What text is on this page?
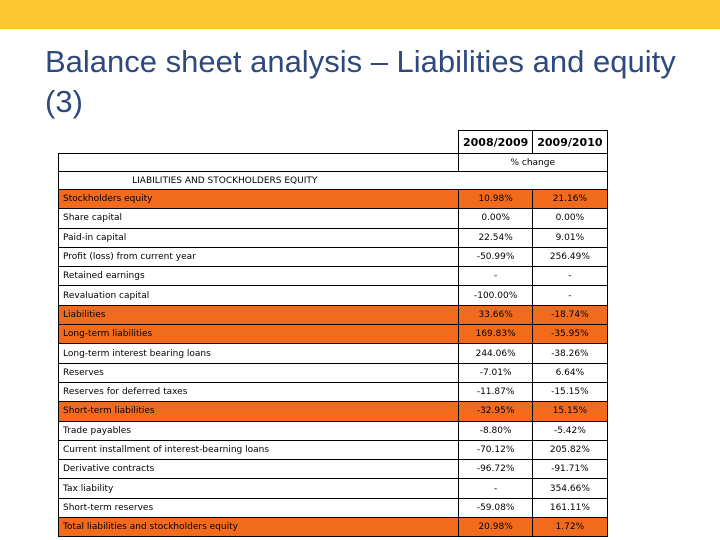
Balance sheet analysis – Liabilities and equity (3)
	2008/2009	2009/2010
	% change	
LIABILITIES AND STOCKHOLDERS EQUITY		
Stockholders equity	10.98%	21.16%
Share capital	0.00%	0.00%
Paid-in capital	22.54%	9.01%
Profit (loss) from current year	-50.99%	256.49%
Retained earnings	-	-
Revaluation capital	-100.00%	-
Liabilities	33.66%	-18.74%
Long-term liabilities	169.83%	-35.95%
Long-term interest bearing loans	244.06%	-38.26%
Reserves	-7.01%	6.64%
Reserves for deferred taxes	-11.87%	-15.15%
Short-term liabilities	-32.95%	15.15%
Trade payables	-8.80%	-5.42%
Current installment of interest-bearning loans	-70.12%	205.82%
Derivative contracts	-96.72%	-91.71%
Tax liability	-	354.66%
Short-term reserves	-59.08%	161.11%
Total liabilities and stockholders equity	20.98%	1.72%
